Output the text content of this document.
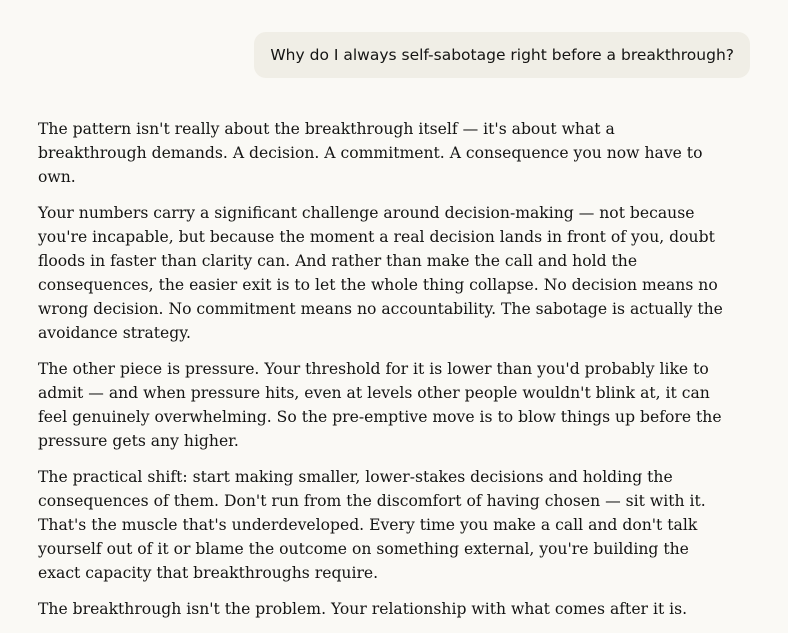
Why do I always self-sabotage right before a breakthrough?

The pattern isn't really about the breakthrough itself — it's about what a breakthrough demands. A decision. A commitment. A consequence you now have to own.

Your numbers carry a significant challenge around decision-making — not because you're incapable, but because the moment a real decision lands in front of you, doubt floods in faster than clarity can. And rather than make the call and hold the consequences, the easier exit is to let the whole thing collapse. No decision means no wrong decision. No commitment means no accountability. The sabotage is actually the avoidance strategy.

The other piece is pressure. Your threshold for it is lower than you'd probably like to admit — and when pressure hits, even at levels other people wouldn't blink at, it can feel genuinely overwhelming. So the pre-emptive move is to blow things up before the pressure gets any higher.

The practical shift: start making smaller, lower-stakes decisions and holding the consequences of them. Don't run from the discomfort of having chosen — sit with it. That's the muscle that's underdeveloped. Every time you make a call and don't talk yourself out of it or blame the outcome on something external, you're building the exact capacity that breakthroughs require.

The breakthrough isn't the problem. Your relationship with what comes after it is.
